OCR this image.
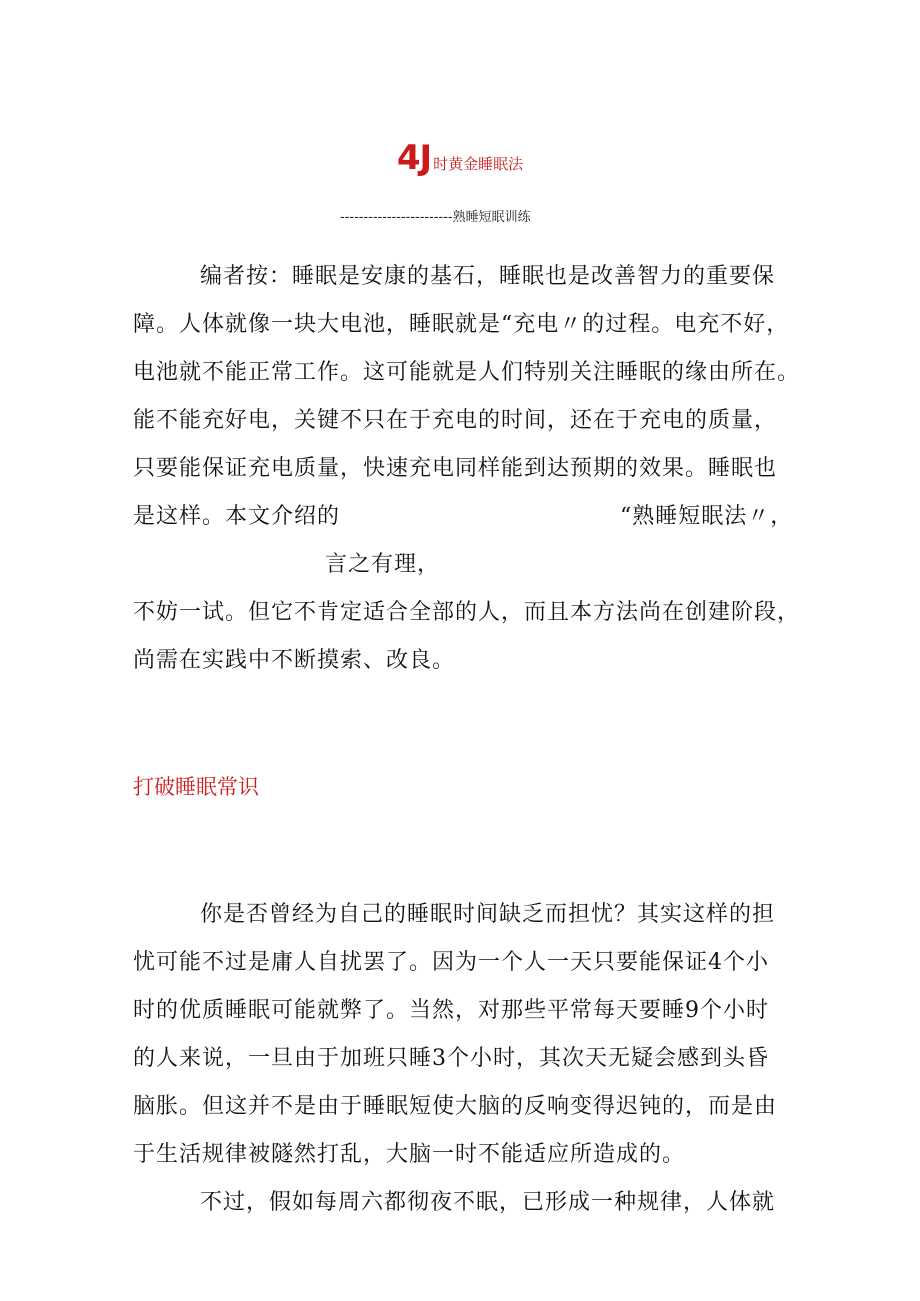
4J 时黄金睡眠法
------------------------熟睡短眠训练
编者按：睡眠是安康的基石，睡眠也是改善智力的重要保
障。人体就像一块大电池，睡眠就是“充电〃的过程。电充不好，
电池就不能正常工作。这可能就是人们特别关注睡眠的缘由所在。
能不能充好电，关键不只在于充电的时间，还在于充电的质量，
只要能保证充电质量，快速充电同样能到达预期的效果。睡眠也
是这样。本文介绍的	“熟睡短眠法〃，
言之有理，
不妨一试。但它不肯定适合全部的人，而且本方法尚在创建阶段，
尚需在实践中不断摸索、改良。
打破睡眠常识
你是否曾经为自己的睡眠时间缺乏而担忧？其实这样的担
忧可能不过是庸人自扰罢了。因为一个人一天只要能保证4个小
时的优质睡眠可能就弊了。当然，对那些平常每天要睡9个小时
的人来说，一旦由于加班只睡3个小时，其次天无疑会感到头昏
脑胀。但这并不是由于睡眠短使大脑的反响变得迟钝的，而是由
于生活规律被隧然打乱，大脑一时不能适应所造成的。
不过，假如每周六都彻夜不眠，已形成一种规律，人体就
